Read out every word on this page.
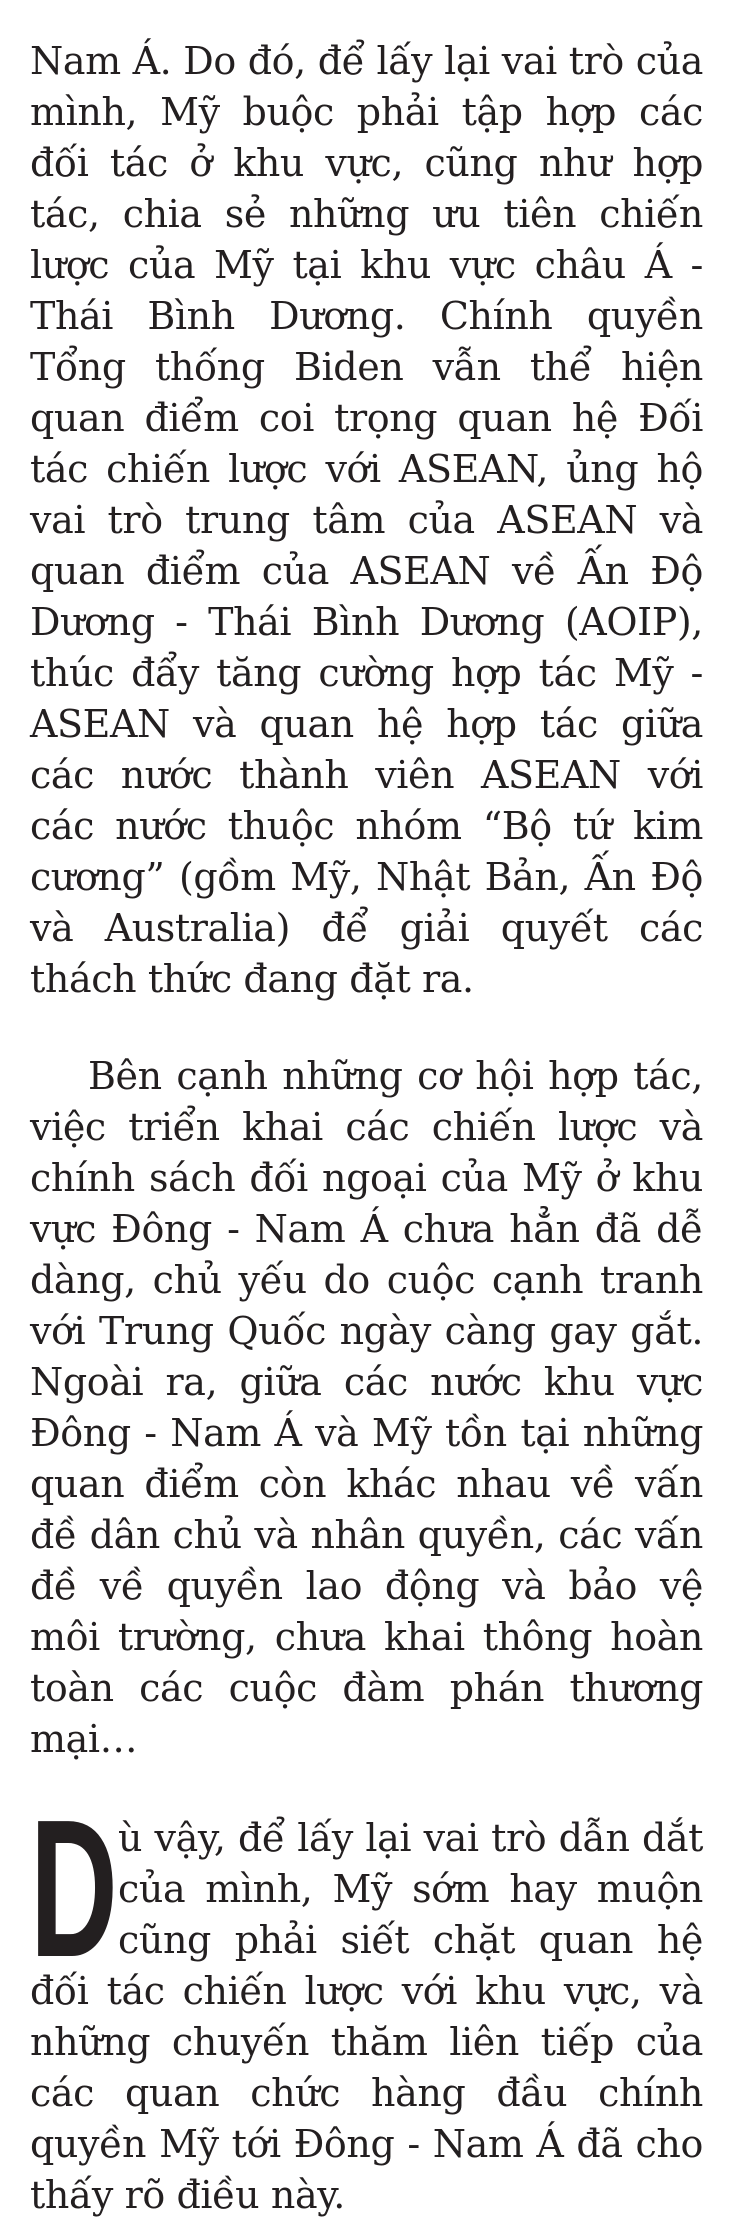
Nam Á. Do đó, để lấy lại vai trò của mình, Mỹ buộc phải tập hợp các đối tác ở khu vực, cũng như hợp tác, chia sẻ những ưu tiên chiến lược của Mỹ tại khu vực châu Á - Thái Bình Dương. Chính quyền Tổng thống Biden vẫn thể hiện quan điểm coi trọng quan hệ Đối tác chiến lược với ASEAN, ủng hộ vai trò trung tâm của ASEAN và quan điểm của ASEAN về Ấn Độ Dương - Thái Bình Dương (AOIP), thúc đẩy tăng cường hợp tác Mỹ - ASEAN và quan hệ hợp tác giữa các nước thành viên ASEAN với các nước thuộc nhóm “Bộ tứ kim cương” (gồm Mỹ, Nhật Bản, Ấn Độ và Australia) để giải quyết các thách thức đang đặt ra.

Bên cạnh những cơ hội hợp tác, việc triển khai các chiến lược và chính sách đối ngoại của Mỹ ở khu vực Đông - Nam Á chưa hẳn đã dễ dàng, chủ yếu do cuộc cạnh tranh với Trung Quốc ngày càng gay gắt. Ngoài ra, giữa các nước khu vực Đông - Nam Á và Mỹ tồn tại những quan điểm còn khác nhau về vấn đề dân chủ và nhân quyền, các vấn đề về quyền lao động và bảo vệ môi trường, chưa khai thông hoàn toàn các cuộc đàm phán thương mại…

D ù vậy, để lấy lại vai trò dẫn dắt của mình, Mỹ sớm hay muộn cũng phải siết chặt quan hệ đối tác chiến lược với khu vực, và những chuyến thăm liên tiếp của các quan chức hàng đầu chính quyền Mỹ tới Đông - Nam Á đã cho thấy rõ điều này.
